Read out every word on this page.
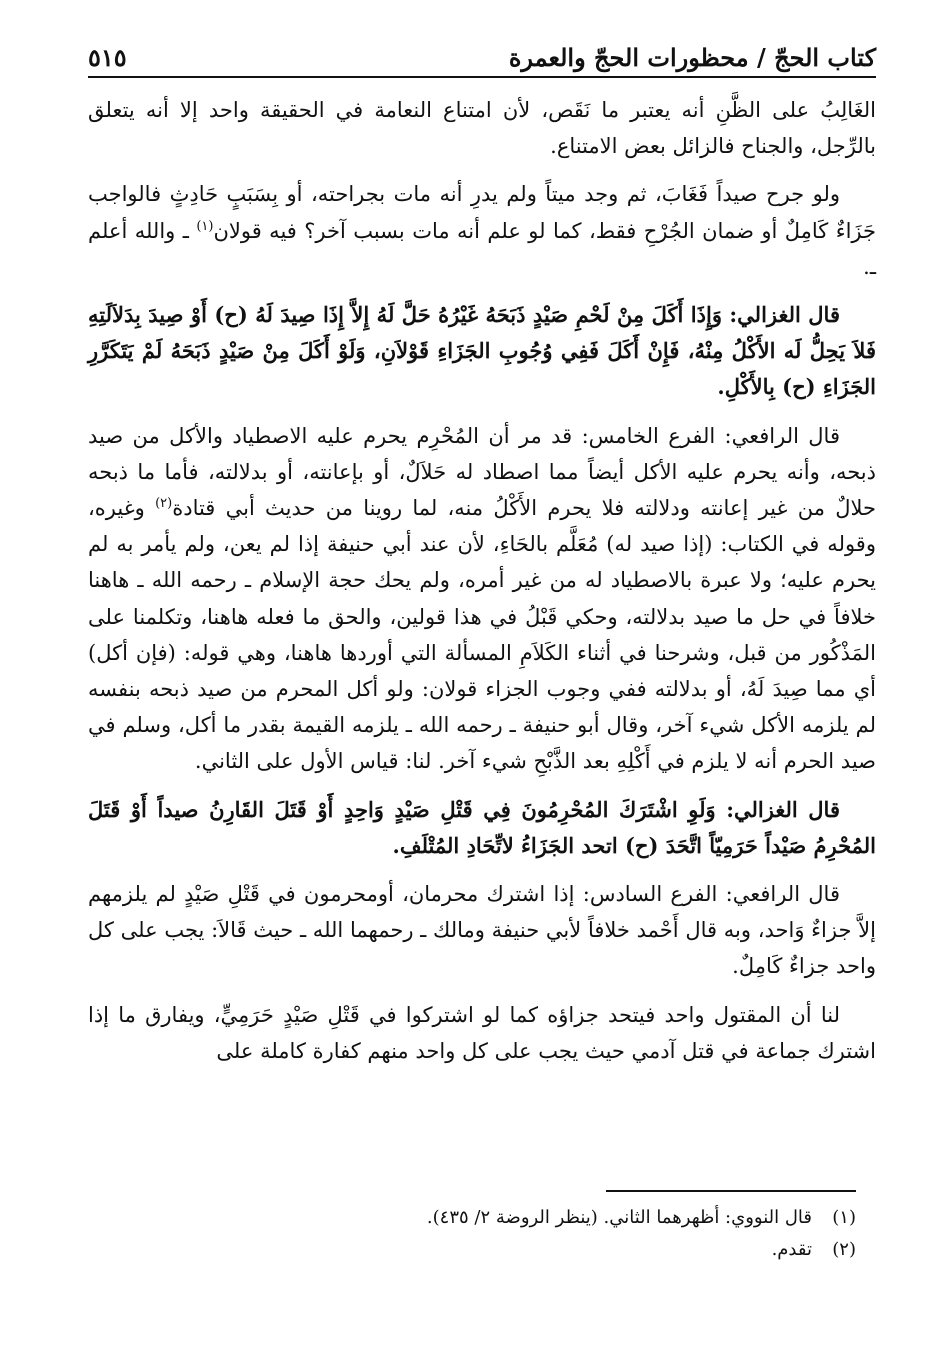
كتاب الحجّ / محظورات الحجّ والعمرة
٥١٥

الغَالِبُ على الظَّنِ أنه يعتبر ما نَقَص، لأن امتناع النعامة في الحقيقة واحد إلا أنه يتعلق بالرِّجل، والجناح فالزائل بعض الامتناع.

ولو جرح صيداً فَغَابَ، ثم وجد ميتاً ولم يدرِ أنه مات بجراحته، أو بِسَبَبٍ حَادِثٍ فالواجب جَزَاءٌ كَامِلٌ أو ضمان الجُرْحِ فقط، كما لو علم أنه مات بسبب آخر؟ فيه قولان$^{(١)}$ ـ والله أعلم ـ.

قال الغزالي: وَإِذَا أَكَلَ مِنْ لَحْمِ صَيْدٍ ذَبَحَهُ غَيْرُهُ حَلَّ لَهُ إِلاَّ إِذَا صِيدَ لَهُ (ح) أَوْ صِيدَ بِدَلاَلَتِهِ فَلاَ يَحِلُّ لَه الأَكْلُ مِنْهُ، فَإِنْ أَكَلَ فَفِي وُجُوبِ الجَزَاءِ قَوْلاَنِ، وَلَوْ أَكَلَ مِنْ صَيْدٍ ذَبَحَهُ لَمْ يَتَكَرَّرِ الجَزَاءِ (ح) بِالأَكْلِ.

قال الرافعي: الفرع الخامس: قد مر أن المُحْرِم يحرم عليه الاصطياد والأكل من صيد ذبحه، وأنه يحرم عليه الأكل أيضاً مما اصطاد له حَلاَلٌ، أو بإعانته، أو بدلالته، فأما ما ذبحه حلالٌ من غير إعانته ودلالته فلا يحرم الأَكْلُ منه، لما روينا من حديث أبي قتادة$^{(٢)}$ وغيره، وقوله في الكتاب: (إذا صيد له) مُعَلَّم بالحَاءِ، لأن عند أبي حنيفة إذا لم يعن، ولم يأمر به لم يحرم عليه؛ ولا عبرة بالاصطياد له من غير أمره، ولم يحك حجة الإسلام ـ رحمه الله ـ هاهنا خلافاً في حل ما صيد بدلالته، وحكي قَبْلُ في هذا قولين، والحق ما فعله هاهنا، وتكلمنا على المَذْكُور من قبل، وشرحنا في أثناء الكَلاَمِ المسألة التي أوردها هاهنا، وهي قوله: (فإن أكل) أي مما صِيدَ لَهُ، أو بدلالته ففي وجوب الجزاء قولان: ولو أكل المحرم من صيد ذبحه بنفسه لم يلزمه الأكل شيء آخر، وقال أبو حنيفة ـ رحمه الله ـ يلزمه القيمة بقدر ما أكل، وسلم في صيد الحرم أنه لا يلزم في أَكْلِهِ بعد الذَّبْحِ شيء آخر. لنا: قياس الأول على الثاني.

قال الغزالي: وَلَوِ اشْتَرَكَ المُحْرِمُونَ فِي قَتْلِ صَيْدٍ وَاحِدٍ أَوْ قَتَلَ القَارِنُ صيداً أَوْ قَتَلَ المُحْرِمُ صَيْداً حَرَمِيّاً اتَّحَدَ (ح) اتحد الجَزَاءُ لاتِّحَادِ المُتْلَفِ.

قال الرافعي: الفرع السادس: إذا اشترك محرمان، أومحرمون في قَتْلِ صَيْدٍ لم يلزمهم إلاَّ جزاءٌ وَاحد، وبه قال أَحْمد خلافاً لأبي حنيفة ومالك ـ رحمهما الله ـ حيث قَالاَ: يجب على كل واحد جزاءٌ كَامِلٌ.

لنا أن المقتول واحد فيتحد جزاؤه كما لو اشتركوا في قَتْلِ صَيْدٍ حَرَمِيٍّ، ويفارق ما إذا اشترك جماعة في قتل آدمي حيث يجب على كل واحد منهم كفارة كاملة على

(١)
قال النووي: أظهرهما الثاني. (ينظر الروضة ٢/ ٤٣٥).
(٢)
تقدم.
